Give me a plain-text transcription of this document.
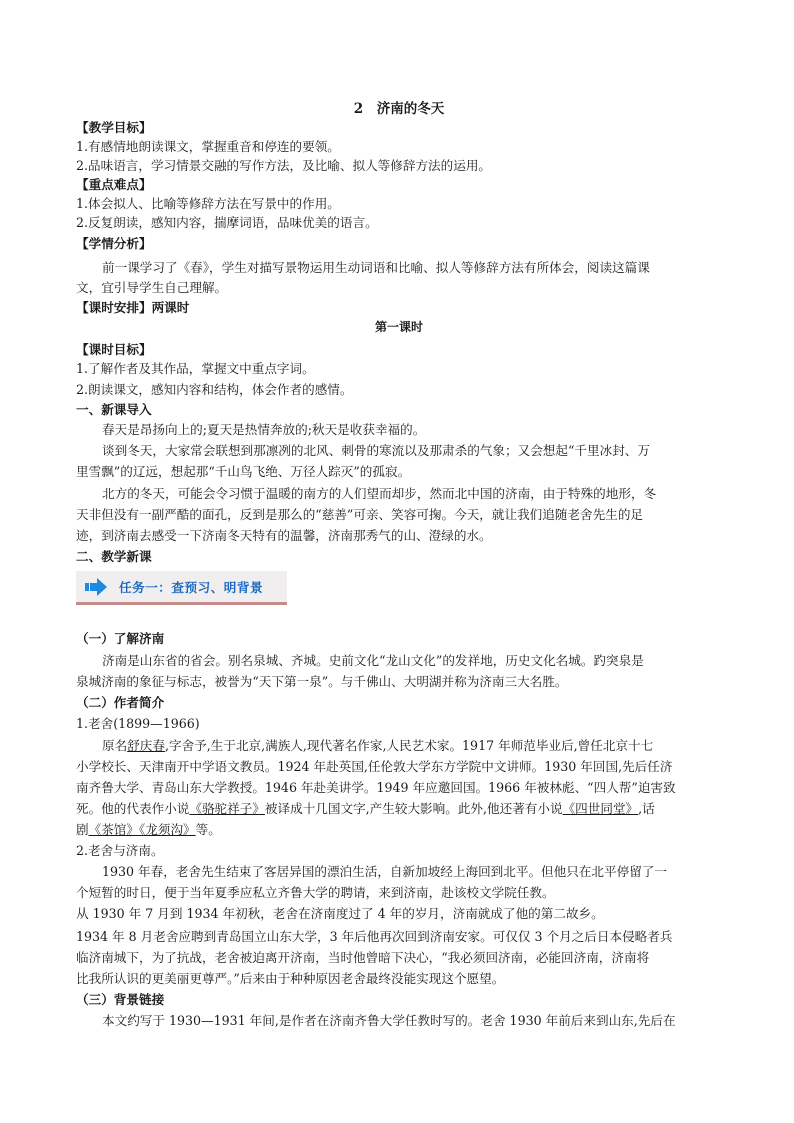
2　济南的冬天
【教学目标】
1.有感情地朗读课文，掌握重音和停连的要领。
2.品味语言，学习情景交融的写作方法，及比喻、拟人等修辞方法的运用。
【重点难点】
1.体会拟人、比喻等修辞方法在写景中的作用。
2.反复朗读，感知内容，揣摩词语，品味优美的语言。
【学情分析】
前一课学习了《春》，学生对描写景物运用生动词语和比喻、拟人等修辞方法有所体会，阅读这篇课
文，宜引导学生自己理解。
【课时安排】两课时
第一课时
【课时目标】
1.了解作者及其作品，掌握文中重点字词。
2.朗读课文，感知内容和结构，体会作者的感情。
一、新课导入
春天是昂扬向上的;夏天是热情奔放的;秋天是收获幸福的。
谈到冬天，大家常会联想到那凛冽的北风、刺骨的寒流以及那肃杀的气象；又会想起“千里冰封、万
里雪飘”的辽远，想起那“千山鸟飞绝、万径人踪灭”的孤寂。
北方的冬天，可能会令习惯于温暖的南方的人们望而却步，然而北中国的济南，由于特殊的地形，冬
天非但没有一副严酷的面孔，反到是那么的“慈善”可亲、笑容可掬。今天，就让我们追随老舍先生的足
迹，到济南去感受一下济南冬天特有的温馨，济南那秀气的山、澄绿的水。
二、教学新课
任务一：查预习、明背景
（一）了解济南
济南是山东省的省会。别名泉城、齐城。史前文化“龙山文化”的发祥地，历史文化名城。趵突泉是
泉城济南的象征与标志，被誉为“天下第一泉”。与千佛山、大明湖并称为济南三大名胜。
（二）作者简介
1.老舍(1899—1966)
原名舒庆春,字舍予,生于北京,满族人,现代著名作家,人民艺术家。1917 年师范毕业后,曾任北京十七
小学校长、天津南开中学语文教员。1924 年赴英国,任伦敦大学东方学院中文讲师。1930 年回国,先后任济
南齐鲁大学、青岛山东大学教授。1946 年赴美讲学。1949 年应邀回国。1966 年被林彪、“四人帮”迫害致
死。他的代表作小说《骆驼祥子》被译成十几国文字,产生较大影响。此外,他还著有小说《四世同堂》,话
剧《茶馆》《龙须沟》等。
2.老舍与济南。
1930 年春，老舍先生结束了客居异国的漂泊生活，自新加坡经上海回到北平。但他只在北平停留了一
个短暂的时日，便于当年夏季应私立齐鲁大学的聘请，来到济南，赴该校文学院任教。
从 1930 年 7 月到 1934 年初秋，老舍在济南度过了 4 年的岁月，济南就成了他的第二故乡。
1934 年 8 月老舍应聘到青岛国立山东大学，3 年后他再次回到济南安家。可仅仅 3 个月之后日本侵略者兵
临济南城下，为了抗战，老舍被迫离开济南，当时他曾暗下决心，“我必须回济南，必能回济南，济南将
比我所认识的更美丽更尊严。”后来由于种种原因老舍最终没能实现这个愿望。
（三）背景链接
本文约写于 1930—1931 年间,是作者在济南齐鲁大学任教时写的。老舍 1930 年前后来到山东,先后在
